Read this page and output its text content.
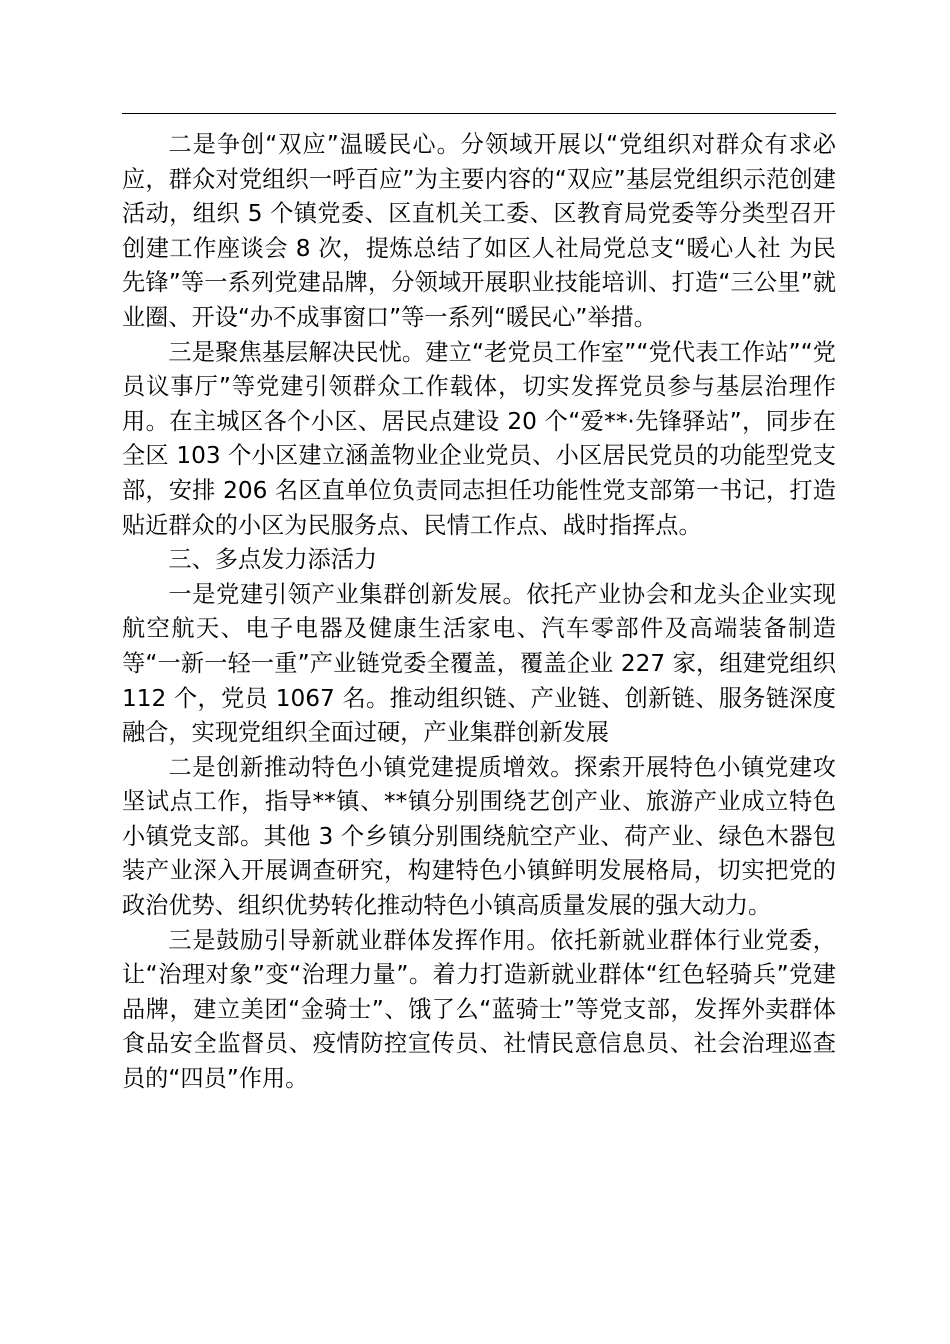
二是争创“双应”温暖民心。分领域开展以“党组织对群众有求必应，群众对党组织一呼百应”为主要内容的“双应”基层党组织示范创建活动，组织 5 个镇党委、区直机关工委、区教育局党委等分类型召开创建工作座谈会 8 次，提炼总结了如区人社局党总支“暖心人社 为民先锋”等一系列党建品牌，分领域开展职业技能培训、打造“三公里”就业圈、开设“办不成事窗口”等一系列“暖民心”举措。

三是聚焦基层解决民忧。建立“老党员工作室”“党代表工作站”“党员议事厅”等党建引领群众工作载体，切实发挥党员参与基层治理作用。在主城区各个小区、居民点建设 20 个“爱**·先锋驿站”，同步在全区 103 个小区建立涵盖物业企业党员、小区居民党员的功能型党支部，安排 206 名区直单位负责同志担任功能性党支部第一书记，打造贴近群众的小区为民服务点、民情工作点、战时指挥点。

三、多点发力添活力

一是党建引领产业集群创新发展。依托产业协会和龙头企业实现航空航天、电子电器及健康生活家电、汽车零部件及高端装备制造等“一新一轻一重”产业链党委全覆盖，覆盖企业 227 家，组建党组织 112 个，党员 1067 名。推动组织链、产业链、创新链、服务链深度融合，实现党组织全面过硬，产业集群创新发展

二是创新推动特色小镇党建提质增效。探索开展特色小镇党建攻坚试点工作，指导**镇、**镇分别围绕艺创产业、旅游产业成立特色小镇党支部。其他 3 个乡镇分别围绕航空产业、荷产业、绿色木器包装产业深入开展调查研究，构建特色小镇鲜明发展格局，切实把党的政治优势、组织优势转化推动特色小镇高质量发展的强大动力。

三是鼓励引导新就业群体发挥作用。依托新就业群体行业党委，让“治理对象”变“治理力量”。着力打造新就业群体“红色轻骑兵”党建品牌，建立美团“金骑士”、饿了么“蓝骑士”等党支部，发挥外卖群体食品安全监督员、疫情防控宣传员、社情民意信息员、社会治理巡查员的“四员”作用。
